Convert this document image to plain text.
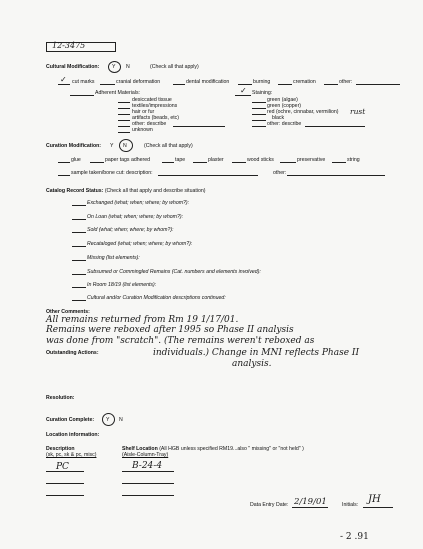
12-3475
Cultural Modification: Y N	(Check all that apply)
✓ cut marks	cranial deformation	dental modification	burning	cremation	other:
Adherent Materials:
desiccated tissue
textiles/impressions
hair or fur
artifacts (beads, etc)
other: describe
unknown
✓ Staining:
green (algae)
green (copper)
red (ochre, cinnabar, vermilion) rust
black
other: describe
Curation Modification: Y N	(Check all that apply)
glue	paper tags adhered	tape	plaster	wood sticks	preservative	string
sample taken/bone cut: description:	other:
Catalog Record Status: (Check all that apply and describe situation)
Exchanged (what; when; where; by whom?):
On Loan (what; when; where; by whom?):
Sold (what; when; where; by whom?):
Recataloged (what; when; where; by whom?):
Missing (list elements):
Subsumed or Commingled Remains (Cat. numbers and elements involved):
In Room 18/19 (list elements):
Cultural and/or Curation Modification descriptions continued:
Other Comments:
All remains returned from Rm 19 1/17/01.
Remains were reboxed after 1995 so Phase II analysis
was done from "scratch". (The remains weren't reboxed as
Outstanding Actions:	individuals.) Change in MNI reflects Phase II
analysis.
Resolution:
Curation Complete: Y N
Location information:
Description
(sk, pc, sk & pc, misc)
Shelf Location (All HGB unless specified RM19...also " missing" or "not held" )
(Aisle-Column-Tray)
PC	B-24-4
Data Entry Date: 2/19/01	Initials: JH
- 2 .91
